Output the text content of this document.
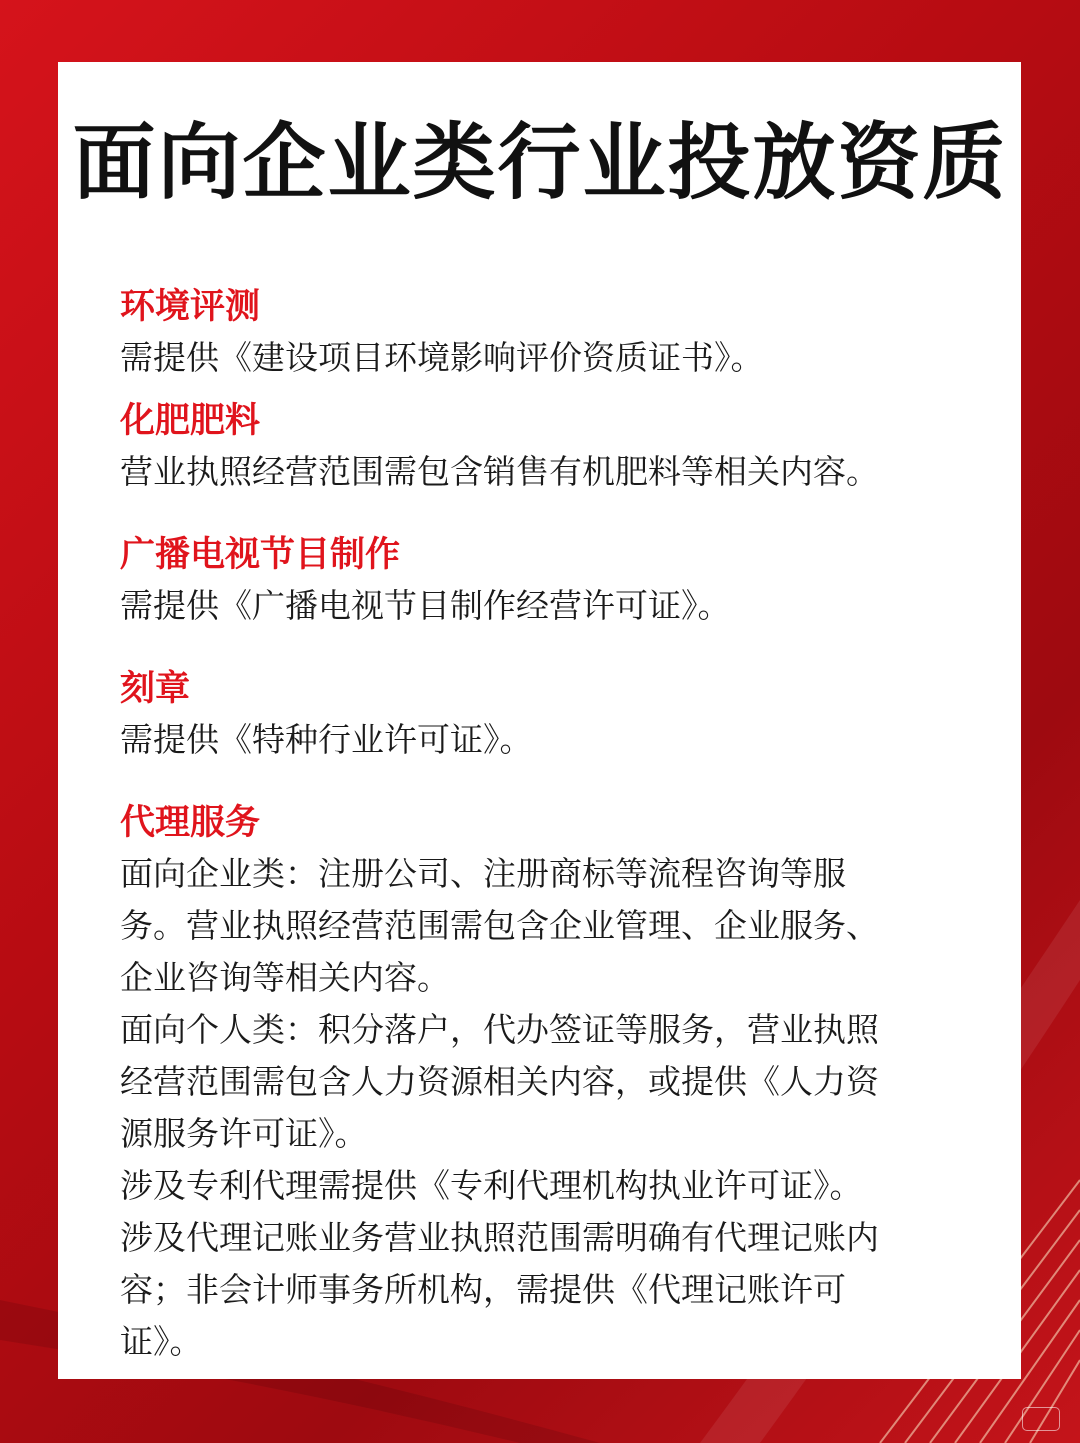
面向企业类行业投放资质
环境评测
需提供《建设项目环境影响评价资质证书》。
化肥肥料
营业执照经营范围需包含销售有机肥料等相关内容。
广播电视节目制作
需提供《广播电视节目制作经营许可证》。
刻章
需提供《特种行业许可证》。
代理服务
面向企业类：注册公司、注册商标等流程咨询等服
务。营业执照经营范围需包含企业管理、企业服务、
企业咨询等相关内容。
面向个人类：积分落户，代办签证等服务，营业执照
经营范围需包含人力资源相关内容，或提供《人力资
源服务许可证》。
涉及专利代理需提供《专利代理机构执业许可证》。
涉及代理记账业务营业执照范围需明确有代理记账内
容；非会计师事务所机构，需提供《代理记账许可
证》。
